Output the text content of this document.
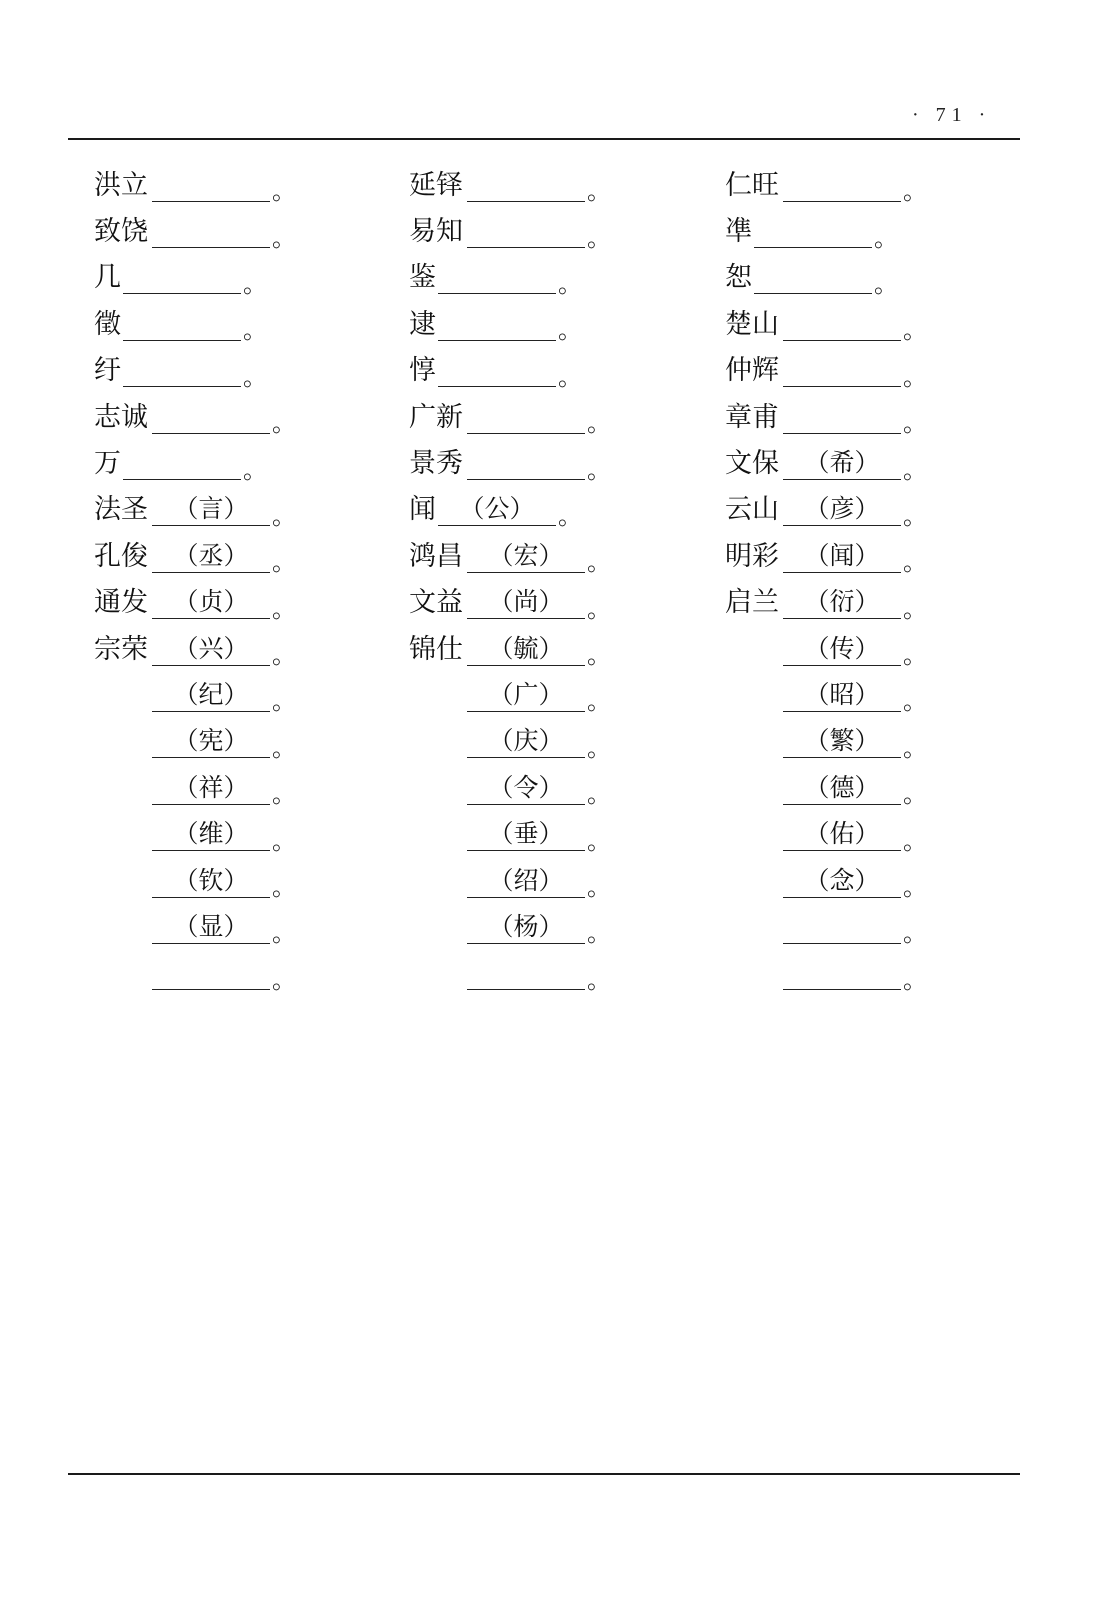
· 71 ·
洪立	。
致饶	。
几	。
徵	。
纡	。
志诚	。
万	。
法圣	（言） 。
孔俊	（丞） 。
通发	（贞） 。
宗荣	（兴） 。
（纪） 。
（宪） 。
（祥） 。
（维） 。
（钦） 。
（显） 。
。
延铎	。
易知	。
鉴	。
逮	。
惇	。
广新	。
景秀	。
闻 （公） 。
鸿昌	（宏） 。
文益	（尚） 。
锦仕	（毓） 。
（广） 。
（庆） 。
（令） 。
（垂） 。
（绍） 。
（杨） 。
。
仁旺	。
凖	。
恕	。
楚山	。
仲辉	。
章甫	。
文保	（希） 。
云山	（彦） 。
明彩	（闻） 。
启兰	（衍） 。
（传） 。
（昭） 。
（繁） 。
（德） 。
（佑） 。
（念） 。
。
。
